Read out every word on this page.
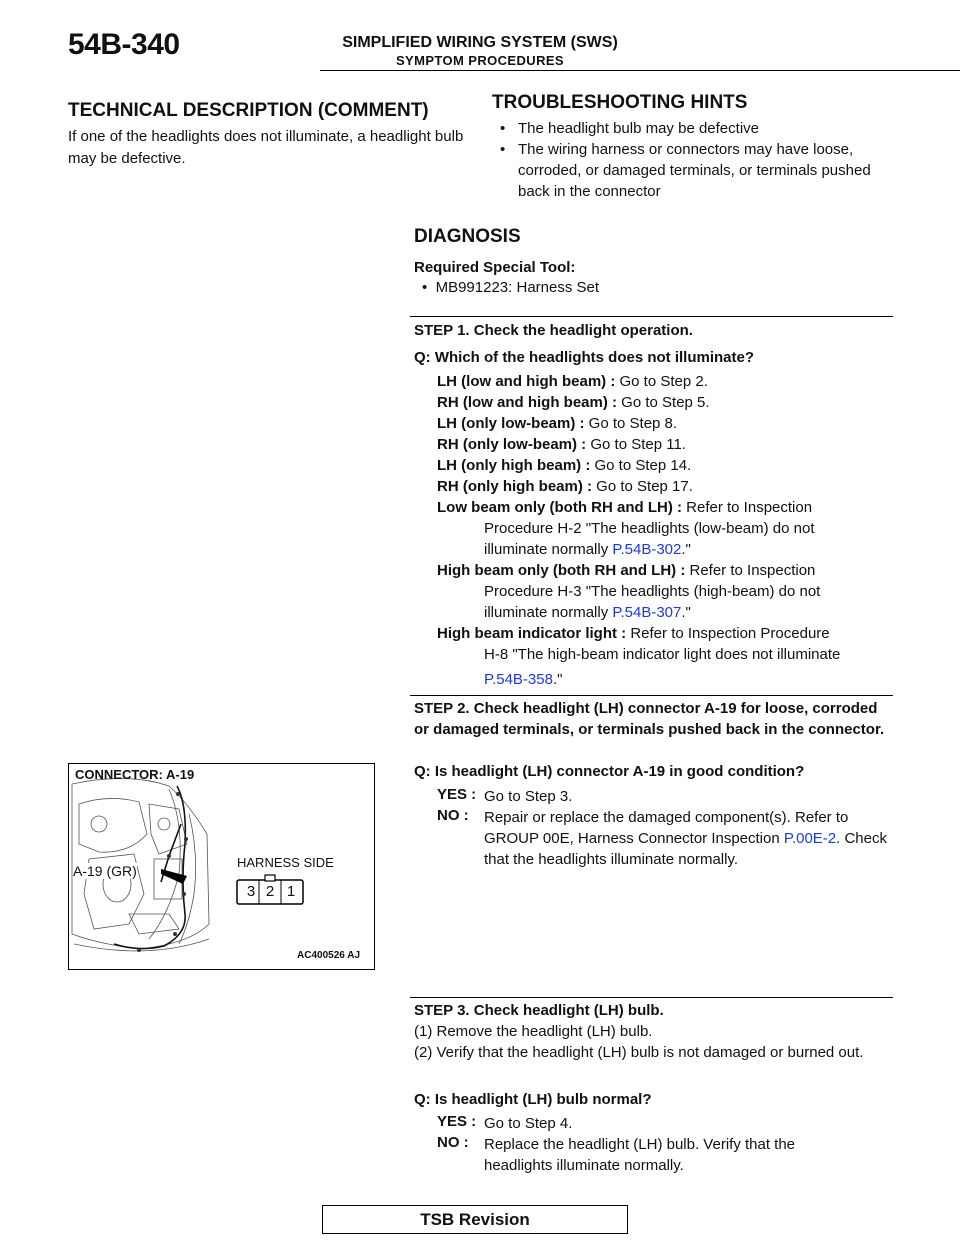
54B-340	SIMPLIFIED WIRING SYSTEM (SWS)
SYMPTOM PROCEDURES
TECHNICAL DESCRIPTION (COMMENT)
If one of the headlights does not illuminate, a headlight bulb may be defective.
TROUBLESHOOTING HINTS
• The headlight bulb may be defective
• The wiring harness or connectors may have loose, corroded, or damaged terminals, or terminals pushed back in the connector
DIAGNOSIS
Required Special Tool:
•  MB991223: Harness Set
STEP 1. Check the headlight operation.
Q: Which of the headlights does not illuminate?
LH (low and high beam) : Go to Step 2.
RH (low and high beam) : Go to Step 5.
LH (only low-beam) : Go to Step 8.
RH (only low-beam) : Go to Step 11.
LH (only high beam) : Go to Step 14.
RH (only high beam) : Go to Step 17.
Low beam only (both RH and LH) : Refer to Inspection
Procedure H-2 "The headlights (low-beam) do not
illuminate normally P.54B-302."
High beam only (both RH and LH) : Refer to Inspection
Procedure H-3 "The headlights (high-beam) do not
illuminate normally P.54B-307."
High beam indicator light : Refer to Inspection Procedure
H-8 "The high-beam indicator light does not illuminate
P.54B-358."
STEP 2. Check headlight (LH) connector A-19 for loose, corroded or damaged terminals, or terminals pushed back in the connector.
Q: Is headlight (LH) connector A-19 in good condition?
YES : Go to Step 3.
NO : Repair or replace the damaged component(s). Refer to GROUP 00E, Harness Connector Inspection P.00E-2. Check that the headlights illuminate normally.
CONNECTOR: A-19
A-19 (GR)
HARNESS SIDE
3 2 1
AC400526 AJ
STEP 3. Check headlight (LH) bulb.
(1) Remove the headlight (LH) bulb.
(2) Verify that the headlight (LH) bulb is not damaged or burned out.
Q: Is headlight (LH) bulb normal?
YES : Go to Step 4.
NO : Replace the headlight (LH) bulb. Verify that the headlights illuminate normally.
TSB Revision
